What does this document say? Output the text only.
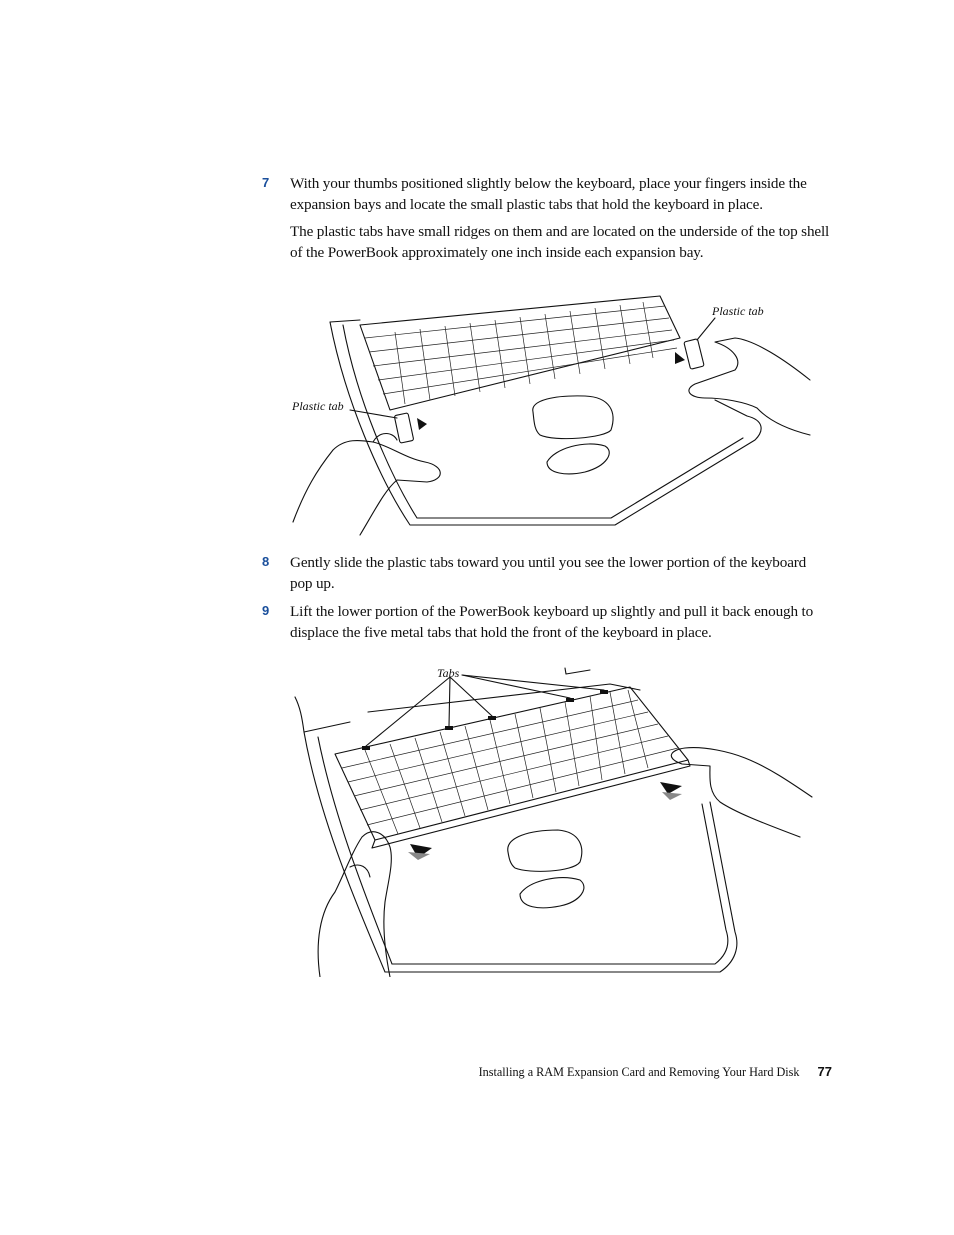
7 With your thumbs positioned slightly below the keyboard, place your fingers inside the expansion bays and locate the small plastic tabs that hold the keyboard in place.

The plastic tabs have small ridges on them and are located on the underside of the top shell of the PowerBook approximately one inch inside each expansion bay.

Plastic tab
Plastic tab
8 Gently slide the plastic tabs toward you until you see the lower portion of the keyboard pop up.

9 Lift the lower portion of the PowerBook keyboard up slightly and pull it back enough to displace the five metal tabs that hold the front of the keyboard in place.

Tabs
Installing a RAM Expansion Card and Removing Your Hard Disk 77
